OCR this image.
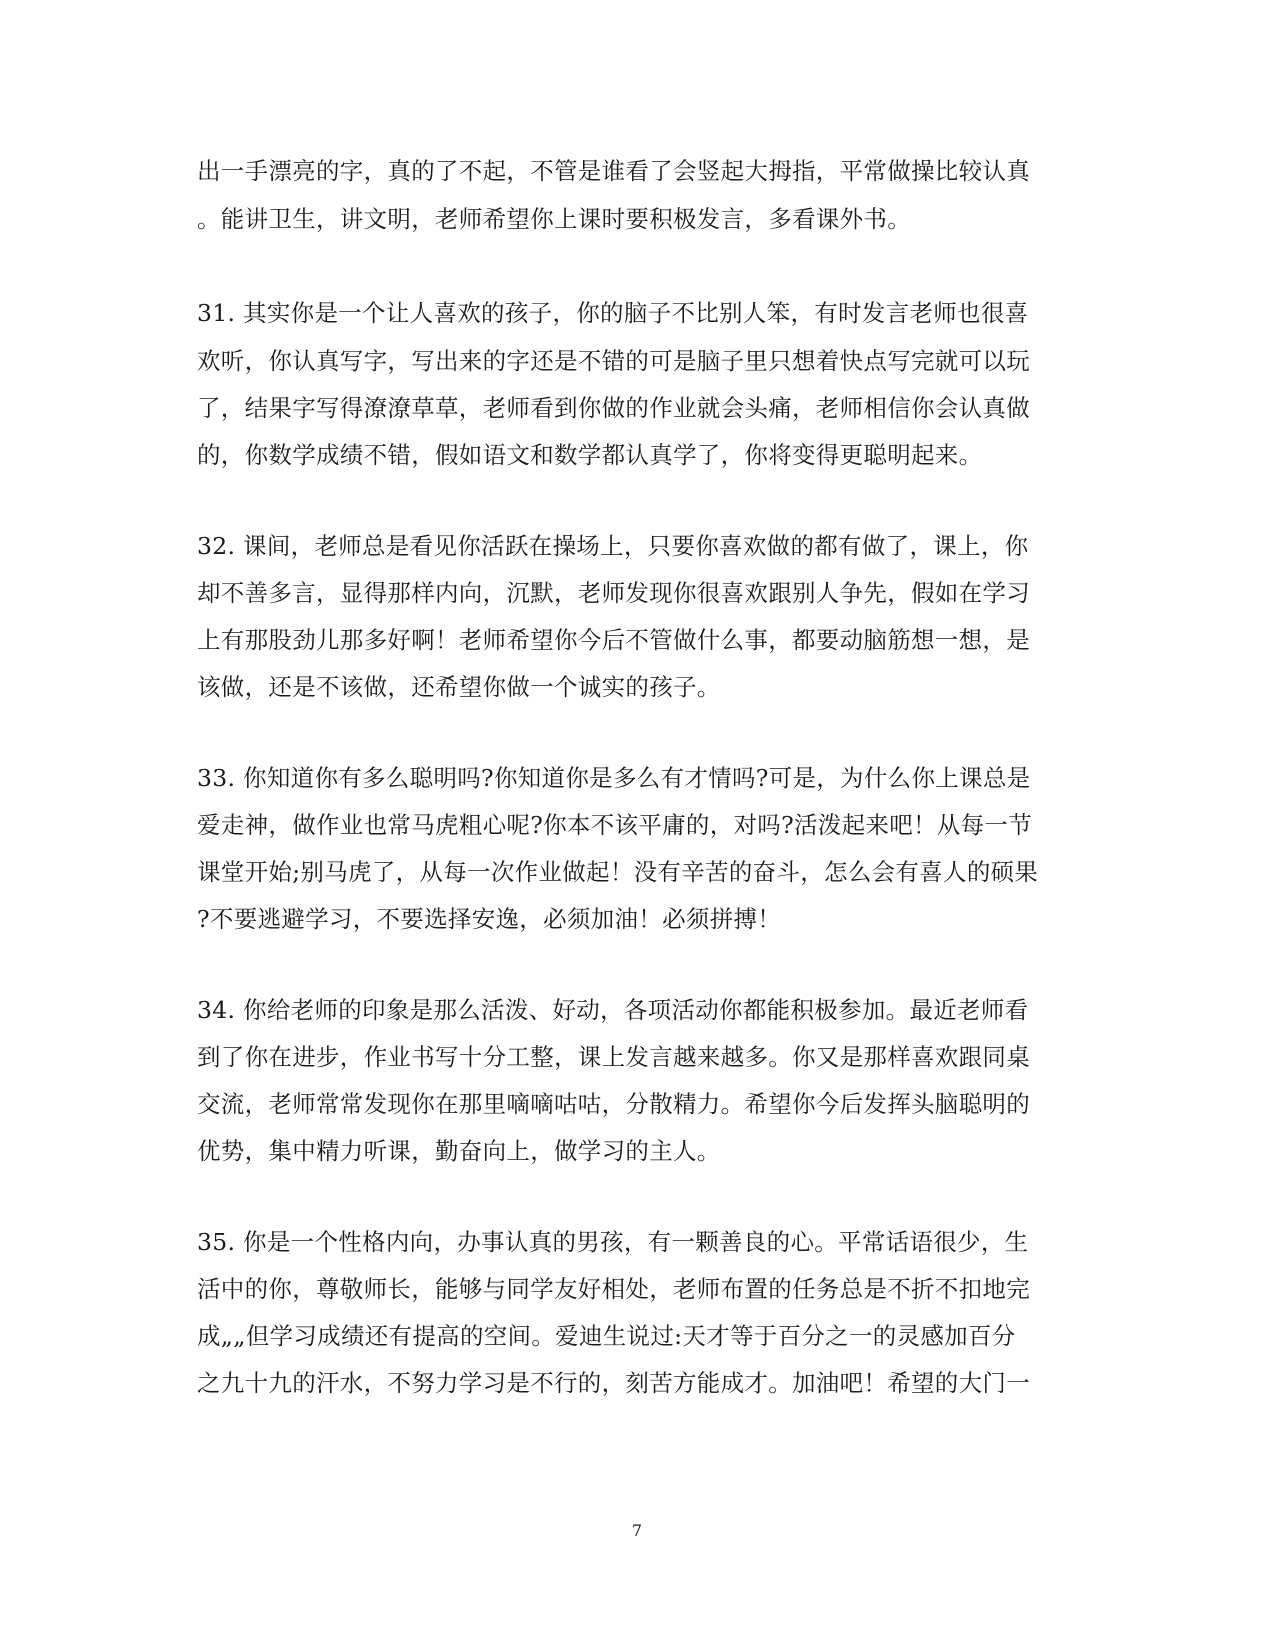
出一手漂亮的字，真的了不起，不管是谁看了会竖起大拇指，平常做操比较认真
。能讲卫生，讲文明，老师希望你上课时要积极发言，多看课外书。
31. 其实你是一个让人喜欢的孩子，你的脑子不比别人笨，有时发言老师也很喜
欢听，你认真写字，写出来的字还是不错的可是脑子里只想着快点写完就可以玩
了，结果字写得潦潦草草，老师看到你做的作业就会头痛，老师相信你会认真做
的，你数学成绩不错，假如语文和数学都认真学了，你将变得更聪明起来。
32. 课间，老师总是看见你活跃在操场上，只要你喜欢做的都有做了，课上，你
却不善多言，显得那样内向，沉默，老师发现你很喜欢跟别人争先，假如在学习
上有那股劲儿那多好啊！老师希望你今后不管做什么事，都要动脑筋想一想，是
该做，还是不该做，还希望你做一个诚实的孩子。
33. 你知道你有多么聪明吗?你知道你是多么有才情吗?可是，为什么你上课总是
爱走神，做作业也常马虎粗心呢?你本不该平庸的，对吗?活泼起来吧！从每一节
课堂开始;别马虎了，从每一次作业做起！没有辛苦的奋斗，怎么会有喜人的硕果
?不要逃避学习，不要选择安逸，必须加油！必须拼搏！
34. 你给老师的印象是那么活泼、好动，各项活动你都能积极参加。最近老师看
到了你在进步，作业书写十分工整，课上发言越来越多。你又是那样喜欢跟同桌
交流，老师常常发现你在那里嘀嘀咕咕，分散精力。希望你今后发挥头脑聪明的
优势，集中精力听课，勤奋向上，做学习的主人。
35. 你是一个性格内向，办事认真的男孩，有一颗善良的心。平常话语很少，生
活中的你，尊敬师长，能够与同学友好相处，老师布置的任务总是不折不扣地完
成„„但学习成绩还有提高的空间。爱迪生说过:天才等于百分之一的灵感加百分
之九十九的汗水，不努力学习是不行的，刻苦方能成才。加油吧！希望的大门一
7
